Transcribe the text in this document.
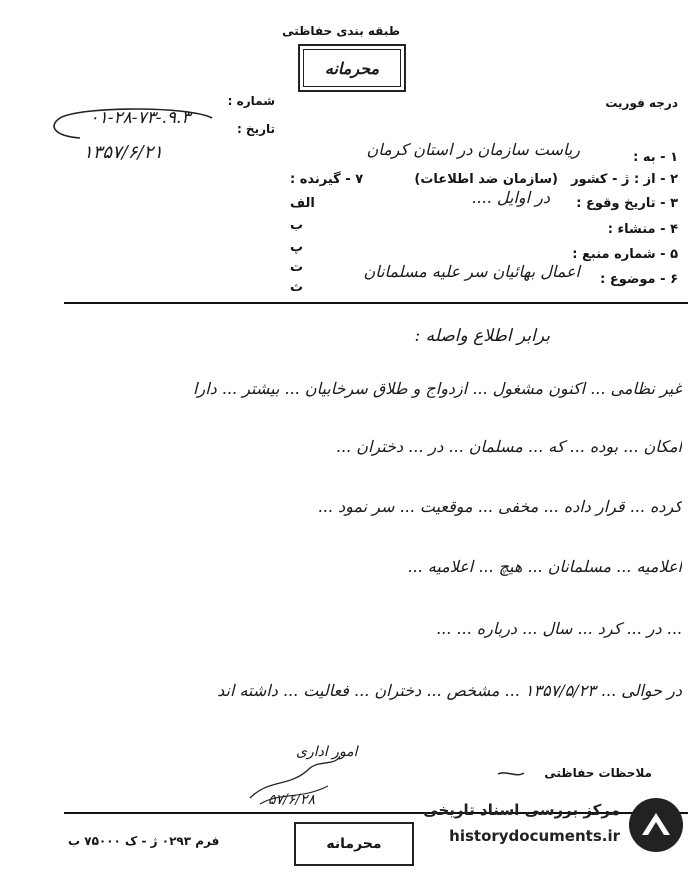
طبقه بندی حفاظتی
محرمانه
درجه فوریت
شماره :
تاریخ :
۹.۳.-۰۱-۲۸-۷۳
۱۳۵۷/۶/۲۱	۱ - به :
ریاست سازمان در استان کرمان
۲ - از : ژ - کشور
(سازمان ضد اطلاعات)
۳ - تاریخ وقوع :
در اوایل ....
۴ - منشاء :
۵ - شماره منبع :
۶ - موضوع :
اعمال بهائیان سر علیه مسلمانان
۷ - گیرنده :
الف
ب
پ
ت
ث
برابر اطلاع واصله :
غیر نظامی ... اکنون مشغول ... ازدواج و طلاق سرخابیان ... بیشتر ... دارا
امکان ... بوده ... که ... مسلمان ... در ... دختران ...
کرده ... قرار داده ... مخفی ... موقعیت ... سر نمود ...
اعلامیه ... مسلمانان ... هیچ ... اعلامیه ...
... در ... کرد ... سال ... درباره ... ...
در حوالی ... ۱۳۵۷/۵/۲۳ ... مشخص ... دختران ... فعالیت ... داشته اند
ملاحظات حفاظتی
امور اداری
۵۷/۶/۲۸
فرم ۰۲۹۳ ژ - ک ۷۵۰۰۰ ب	محرمانه
مرکز بررسی اسناد تاریخی
historydocuments.ir
